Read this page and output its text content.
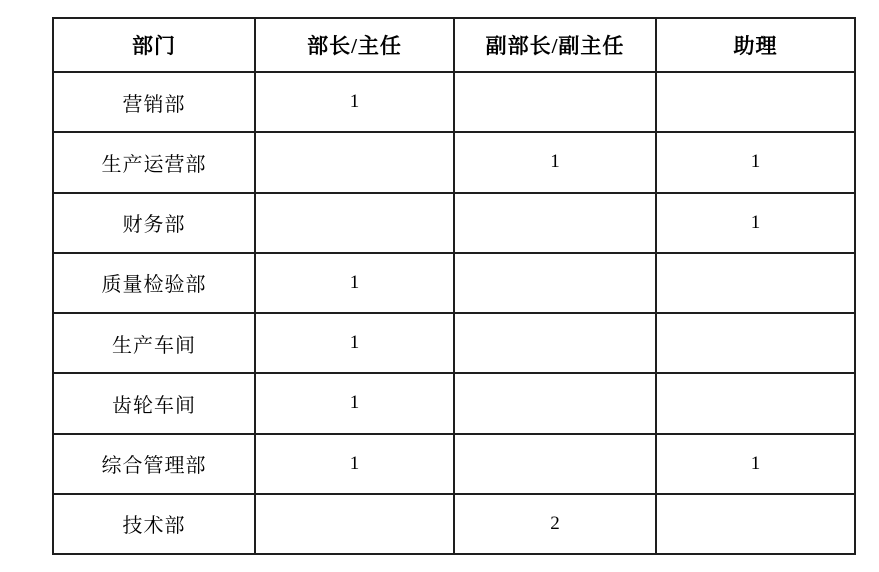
部门	部长/主任	副部长/副主任	助理
营销部	1		
生产运营部		1	1
财务部			1
质量检验部	1		
生产车间	1		
齿轮车间	1		
综合管理部	1		1
技术部		2	
